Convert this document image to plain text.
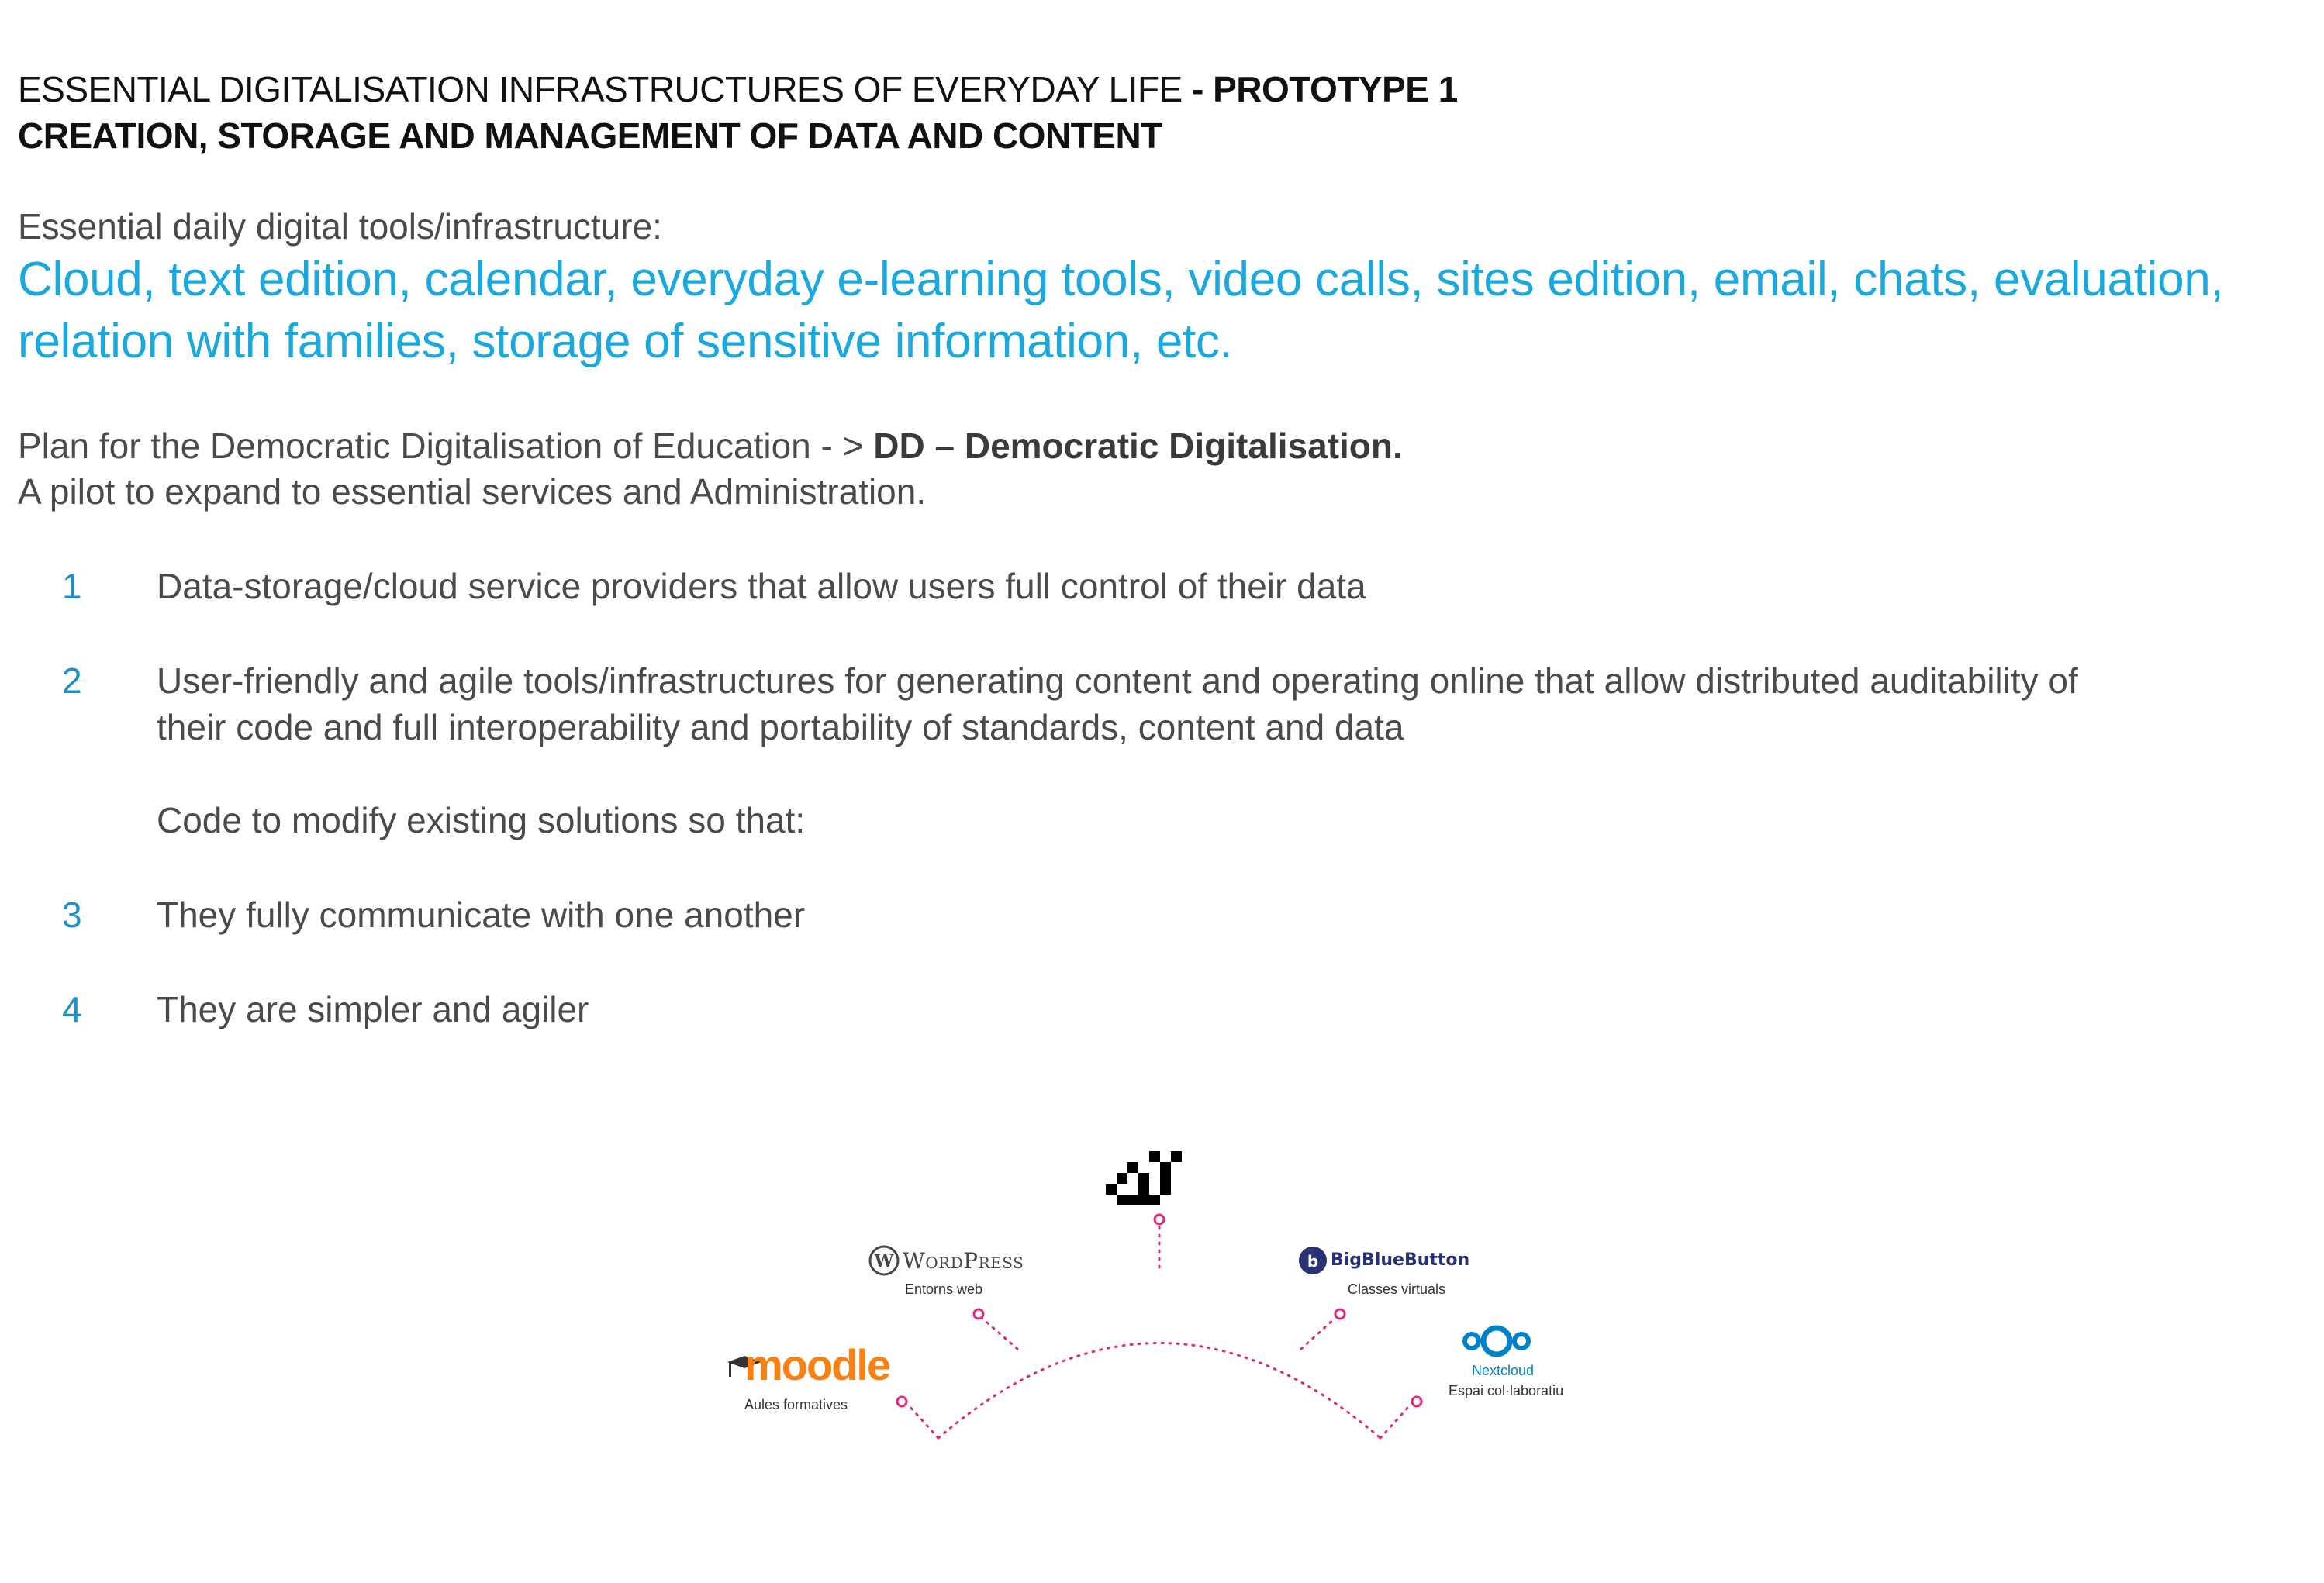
ESSENTIAL DIGITALISATION INFRASTRUCTURES OF EVERYDAY LIFE - PROTOTYPE 1
CREATION, STORAGE AND MANAGEMENT OF DATA AND CONTENT
Essential daily digital tools/infrastructure:
Cloud, text edition, calendar, everyday e-learning tools, video calls, sites edition, email, chats, evaluation,
relation with families, storage of sensitive information, etc.
Plan for the Democratic Digitalisation of Education - > DD – Democratic Digitalisation.
A pilot to expand to essential services and Administration.
1 Data-storage/cloud service providers that allow users full control of their data
2 User-friendly and agile tools/infrastructures for generating content and operating online that allow distributed auditability of
their code and full interoperability and portability of standards, content and data
Code to modify existing solutions so that:
3 They fully communicate with one another
4 They are simpler and agiler
W	b
WordPress
Entorns web
BigBlueButton
Classes virtuals
moodle
Aules formatives
Nextcloud
Espai col·laboratiu
